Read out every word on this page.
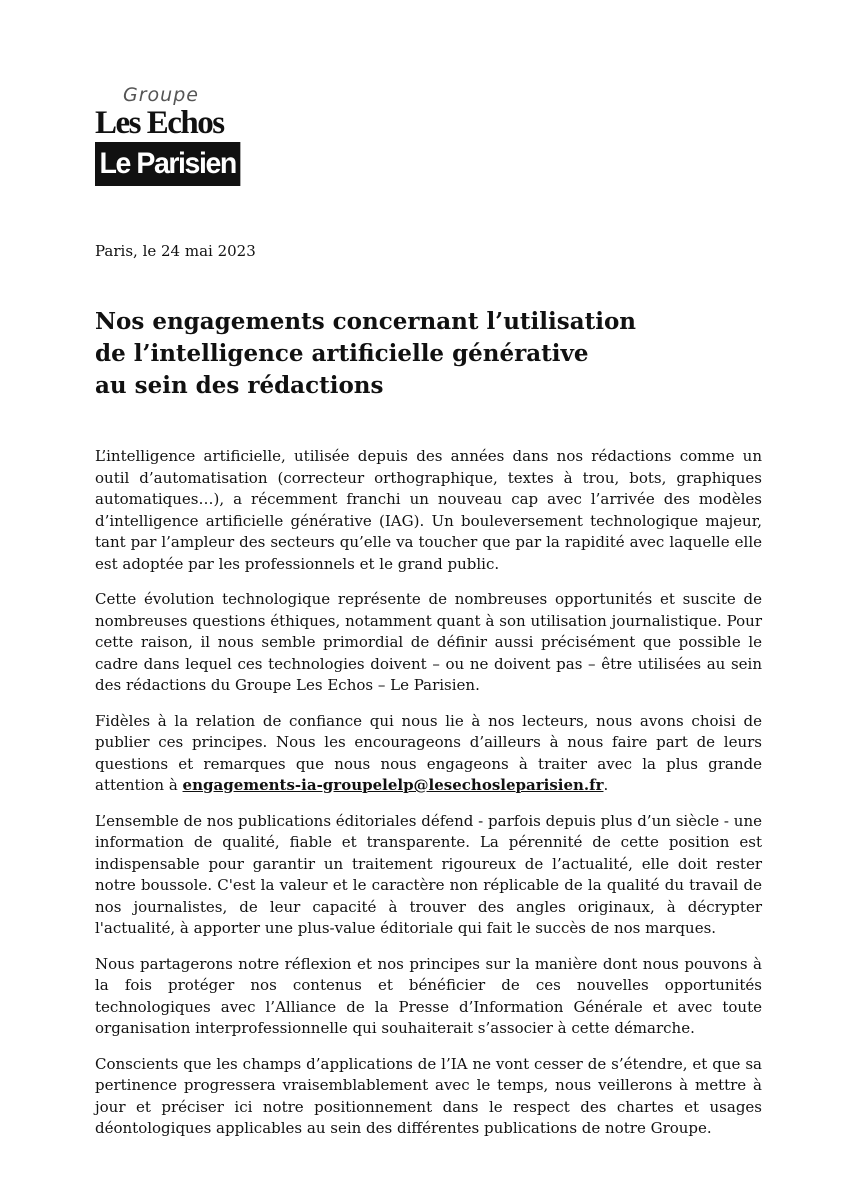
Groupe
Les Echos
Le Parisien
Paris, le 24 mai 2023
Nos engagements concernant l’utilisation
de l’intelligence artificielle générative
au sein des rédactions

L’intelligence artificielle, utilisée depuis des années dans nos rédactions comme un outil d’automatisation (correcteur orthographique, textes à trou, bots, graphiques automatiques…), a récemment franchi un nouveau cap avec l’arrivée des modèles d’intelligence artificielle générative (IAG). Un bouleversement technologique majeur, tant par l’ampleur des secteurs qu’elle va toucher que par la rapidité avec laquelle elle est adoptée par les professionnels et le grand public.

Cette évolution technologique représente de nombreuses opportunités et suscite de nombreuses questions éthiques, notamment quant à son utilisation journalistique. Pour cette raison, il nous semble primordial de définir aussi précisément que possible le cadre dans lequel ces technologies doivent – ou ne doivent pas – être utilisées au sein des rédactions du Groupe Les Echos – Le Parisien.

Fidèles à la relation de confiance qui nous lie à nos lecteurs, nous avons choisi de publier ces principes. Nous les encourageons d’ailleurs à nous faire part de leurs questions et remarques que nous nous engageons à traiter avec la plus grande attention à engagements-ia-groupelelp@lesechosleparisien.fr.

L’ensemble de nos publications éditoriales défend - parfois depuis plus d’un siècle - une information de qualité, fiable et transparente. La pérennité de cette position est indispensable pour garantir un traitement rigoureux de l’actualité, elle doit rester notre boussole. C'est la valeur et le caractère non réplicable de la qualité du travail de nos journalistes, de leur capacité à trouver des angles originaux, à décrypter l'actualité, à apporter une plus-value éditoriale qui fait le succès de nos marques.

Nous partagerons notre réflexion et nos principes sur la manière dont nous pouvons à la fois protéger nos contenus et bénéficier de ces nouvelles opportunités technologiques avec l’Alliance de la Presse d’Information Générale et avec toute organisation interprofessionnelle qui souhaiterait s’associer à cette démarche.

Conscients que les champs d’applications de l’IA ne vont cesser de s’étendre, et que sa pertinence progressera vraisemblablement avec le temps, nous veillerons à mettre à jour et préciser ici notre positionnement dans le respect des chartes et usages déontologiques applicables au sein des différentes publications de notre Groupe.
